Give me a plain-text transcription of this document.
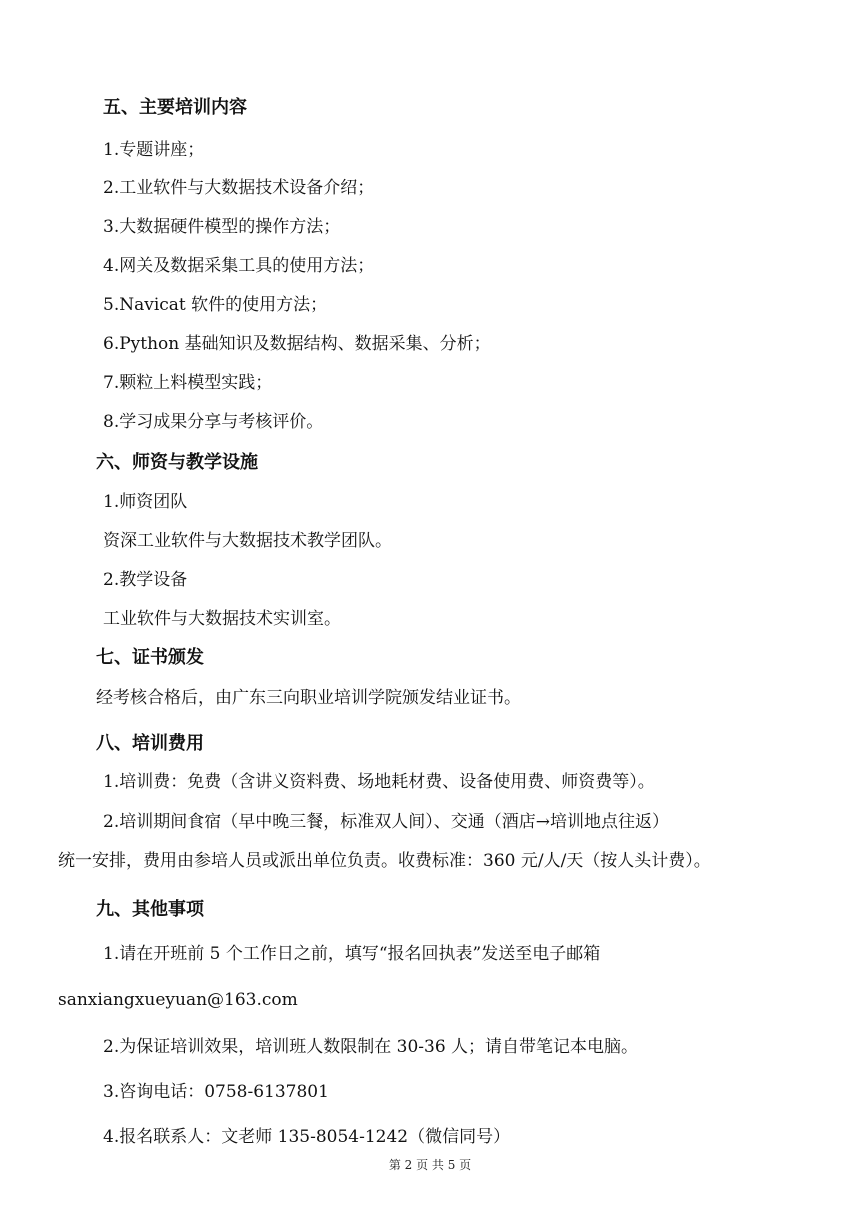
五、主要培训内容
1.专题讲座；
2.工业软件与大数据技术设备介绍；
3.大数据硬件模型的操作方法；
4.网关及数据采集工具的使用方法；
5.Navicat 软件的使用方法；
6.Python 基础知识及数据结构、数据采集、分析；
7.颗粒上料模型实践；
8.学习成果分享与考核评价。
六、师资与教学设施
1.师资团队
资深工业软件与大数据技术教学团队。
2.教学设备
工业软件与大数据技术实训室。
七、证书颁发
经考核合格后，由广东三向职业培训学院颁发结业证书。
八、培训费用
1.培训费：免费（含讲义资料费、场地耗材费、设备使用费、师资费等）。
2.培训期间食宿（早中晚三餐，标准双人间）、交通（酒店→培训地点往返）
统一安排，费用由参培人员或派出单位负责。收费标准：360 元/人/天（按人头计费）。
九、其他事项
1.请在开班前 5 个工作日之前，填写“报名回执表”发送至电子邮箱
sanxiangxueyuan@163.com
2.为保证培训效果，培训班人数限制在 30-36 人；请自带笔记本电脑。
3.咨询电话：0758-6137801
4.报名联系人：文老师 135-8054-1242（微信同号）
第 2 页 共 5 页
